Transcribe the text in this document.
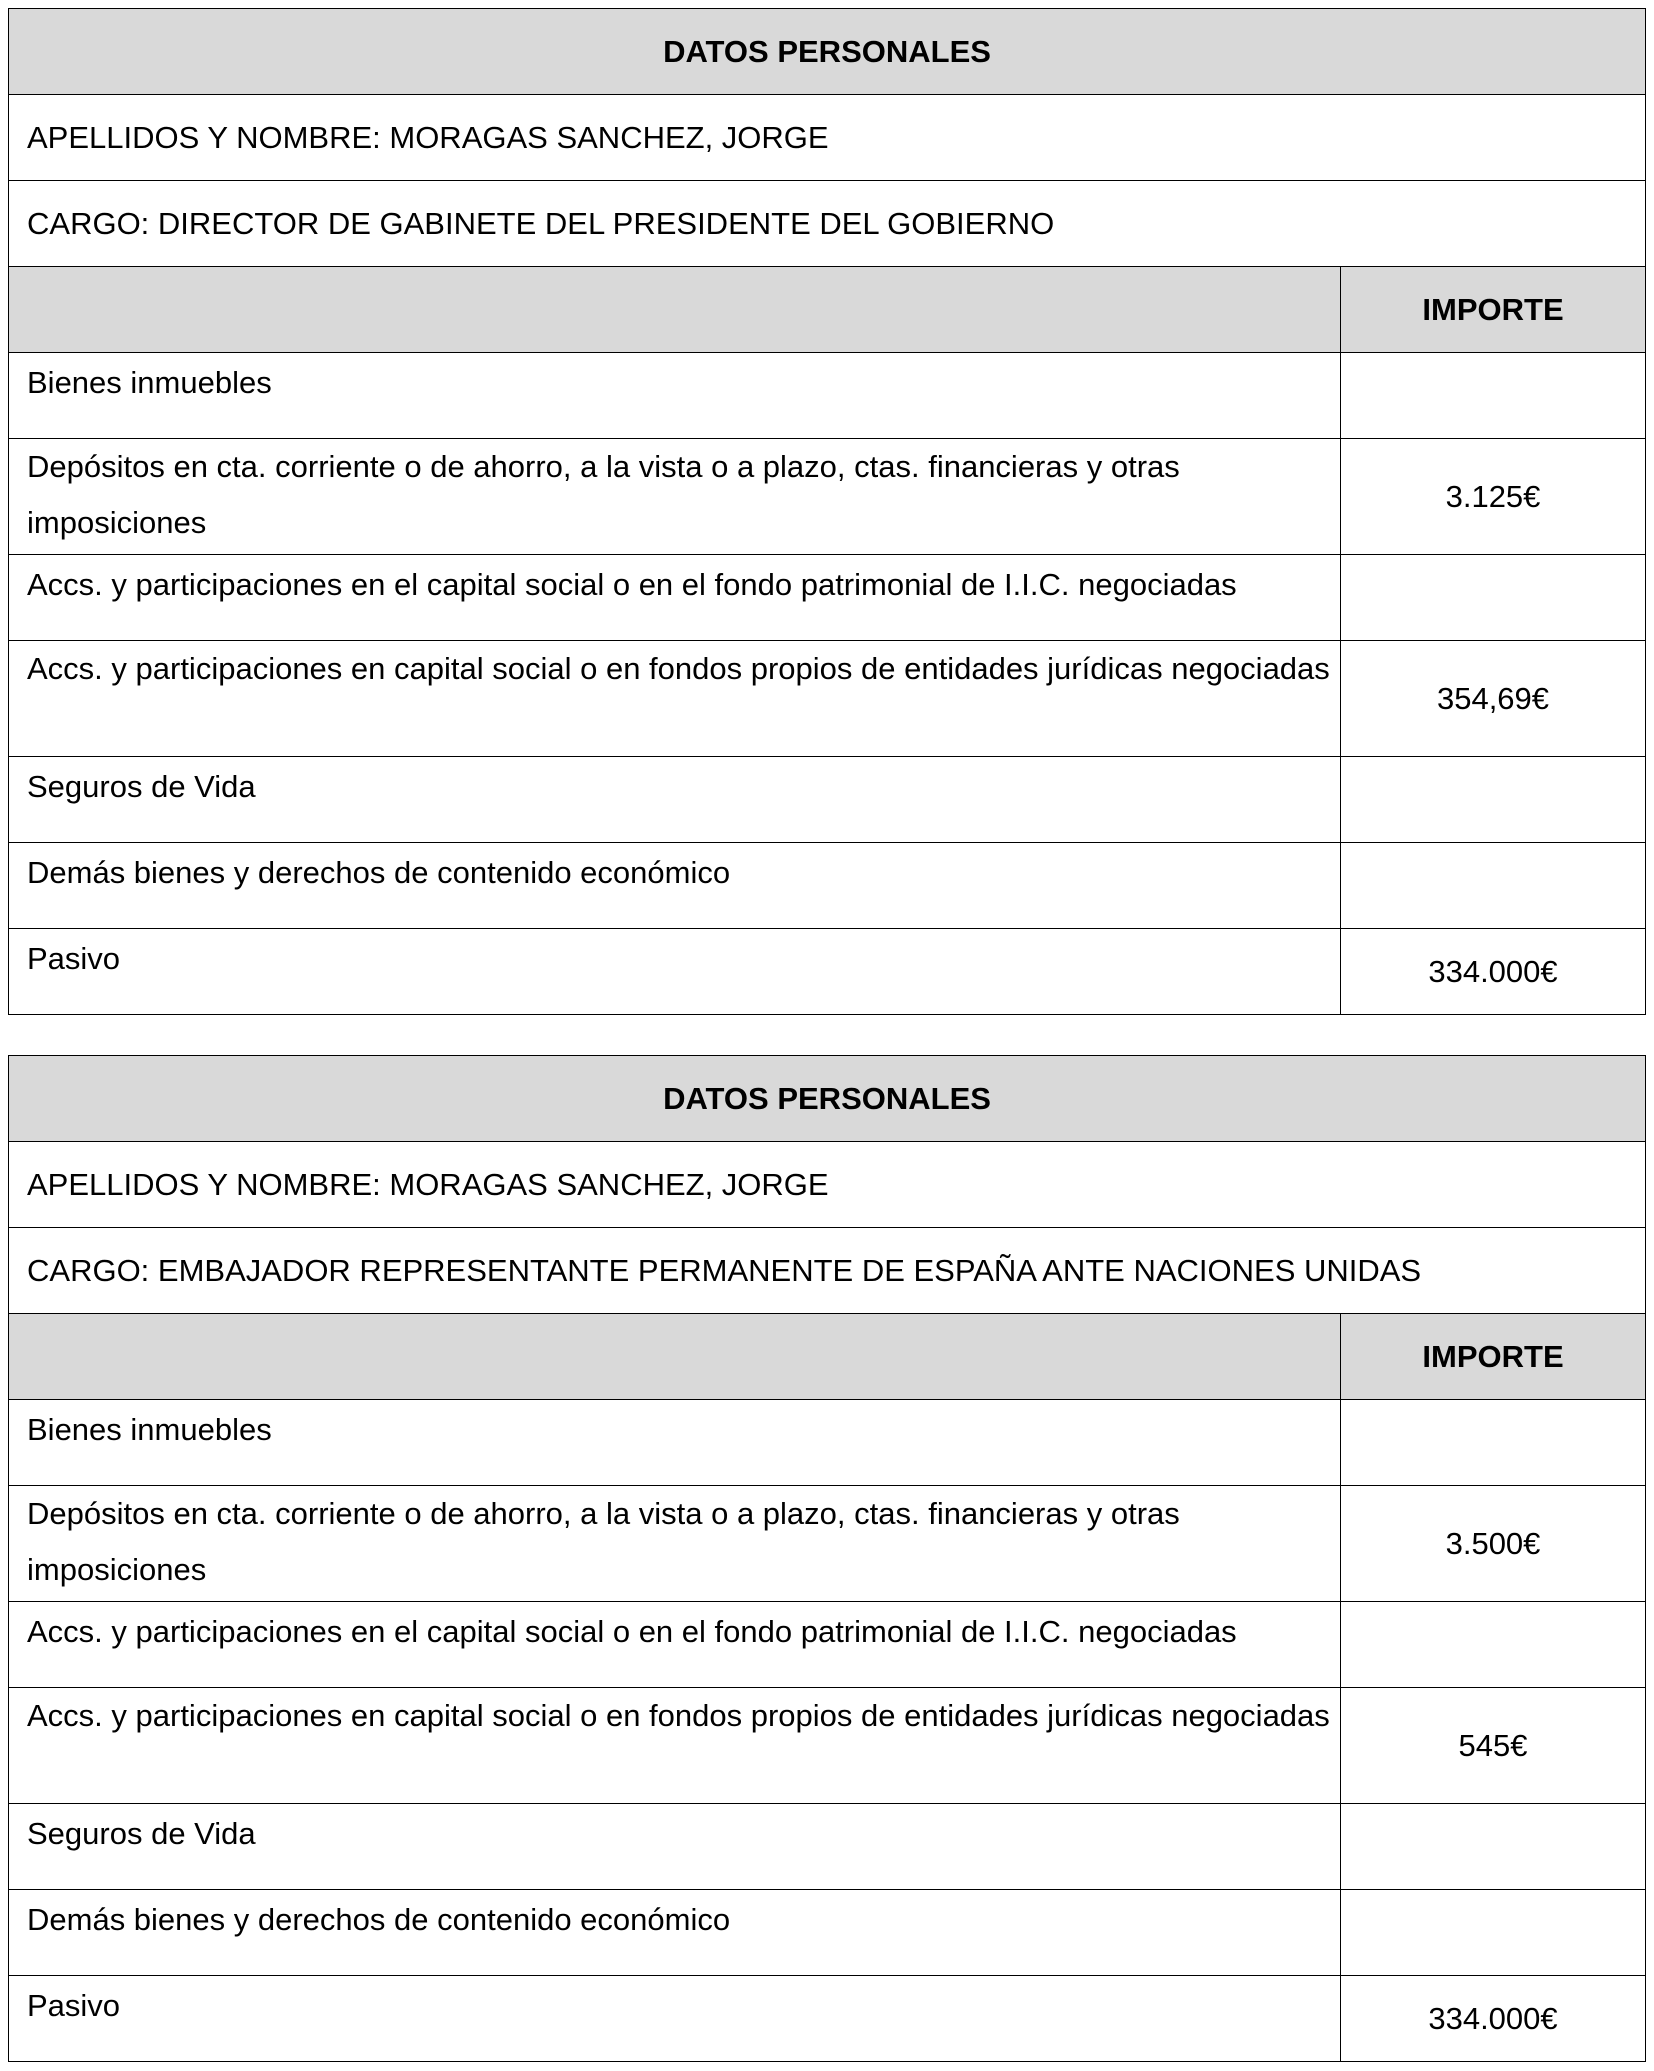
DATOS PERSONALES	
APELLIDOS Y NOMBRE: MORAGAS SANCHEZ, JORGE	
CARGO: DIRECTOR DE GABINETE DEL PRESIDENTE DEL GOBIERNO	
	IMPORTE
Bienes inmuebles	
Depósitos en cta. corriente o de ahorro, a la vista o a plazo, ctas. financieras y otras imposiciones	3.125€
Accs. y participaciones en el capital social o en el fondo patrimonial de I.I.C. negociadas	
Accs. y participaciones en capital social o en fondos propios de entidades jurídicas negociadas	354,69€
Seguros de Vida	
Demás bienes y derechos de contenido económico	
Pasivo	334.000€
DATOS PERSONALES	
APELLIDOS Y NOMBRE: MORAGAS SANCHEZ, JORGE	
CARGO: EMBAJADOR REPRESENTANTE PERMANENTE DE ESPAÑA ANTE NACIONES UNIDAS	
	IMPORTE
Bienes inmuebles	
Depósitos en cta. corriente o de ahorro, a la vista o a plazo, ctas. financieras y otras imposiciones	3.500€
Accs. y participaciones en el capital social o en el fondo patrimonial de I.I.C. negociadas	
Accs. y participaciones en capital social o en fondos propios de entidades jurídicas negociadas	545€
Seguros de Vida	
Demás bienes y derechos de contenido económico	
Pasivo	334.000€
